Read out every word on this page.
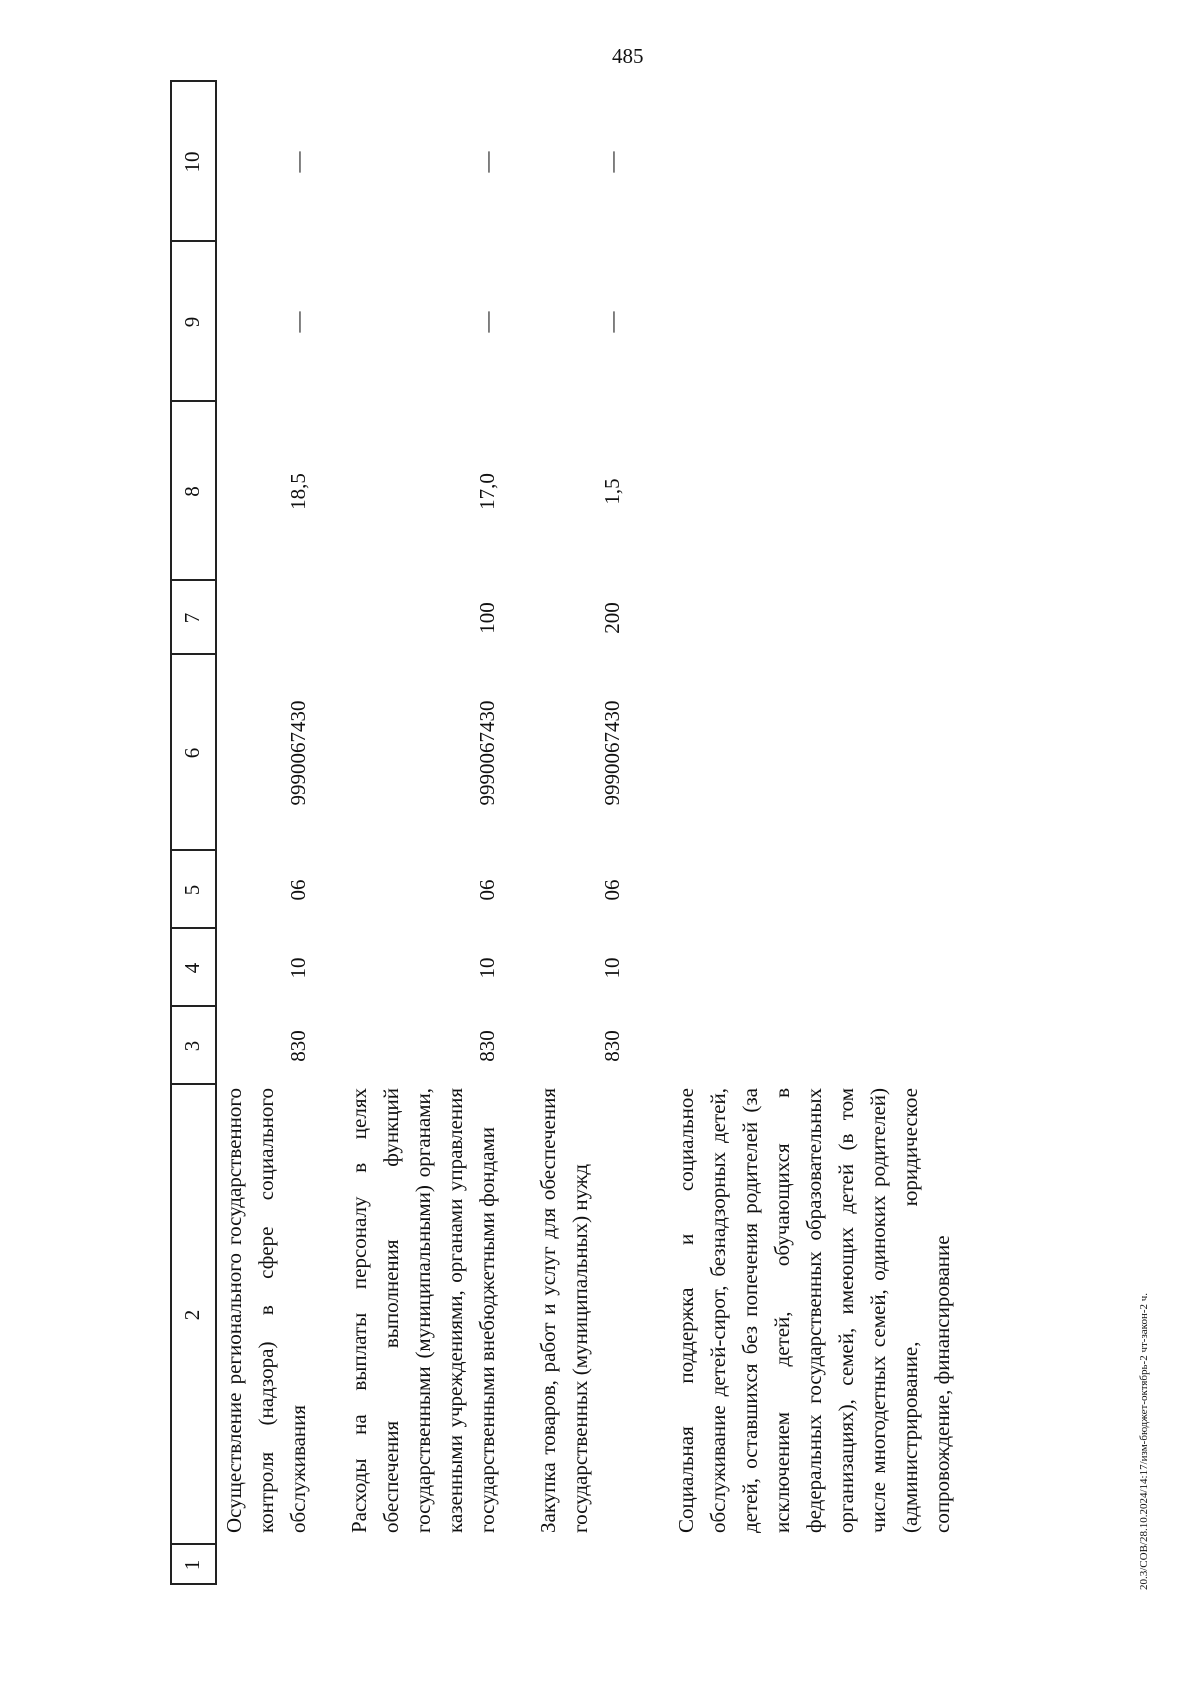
485
20.3/СОВ/28.10.2024/14:17/изм-бюджет-октябрь-2 чт-закон-2 ч.
1
2
3
4
5
6
7
8
9
10
Осуществление регионального государственного контроля (надзора) в сфере социального обслуживания
830
10
06
9990067430
18,5
—
—
Расходы на выплаты персоналу в целях обеспечения выполнения функций государственными (муниципальными) органами, казенными учреждениями, органами управления государственными внебюджетными фондами
830
10
06
9990067430
100
17,0
—
—
Закупка товаров, работ и услуг для обеспечения государственных (муниципальных) нужд
830
10
06
9990067430
200
1,5
—
—
Социальная поддержка и социальное обслуживание детей-сирот, безнадзорных детей, детей, оставшихся без попечения родителей (за исключением детей, обучающихся в федеральных государственных образовательных организациях), семей, имеющих детей (в том числе многодетных семей, одиноких родителей) (администрирование, юридическое сопровождение, финансирование
